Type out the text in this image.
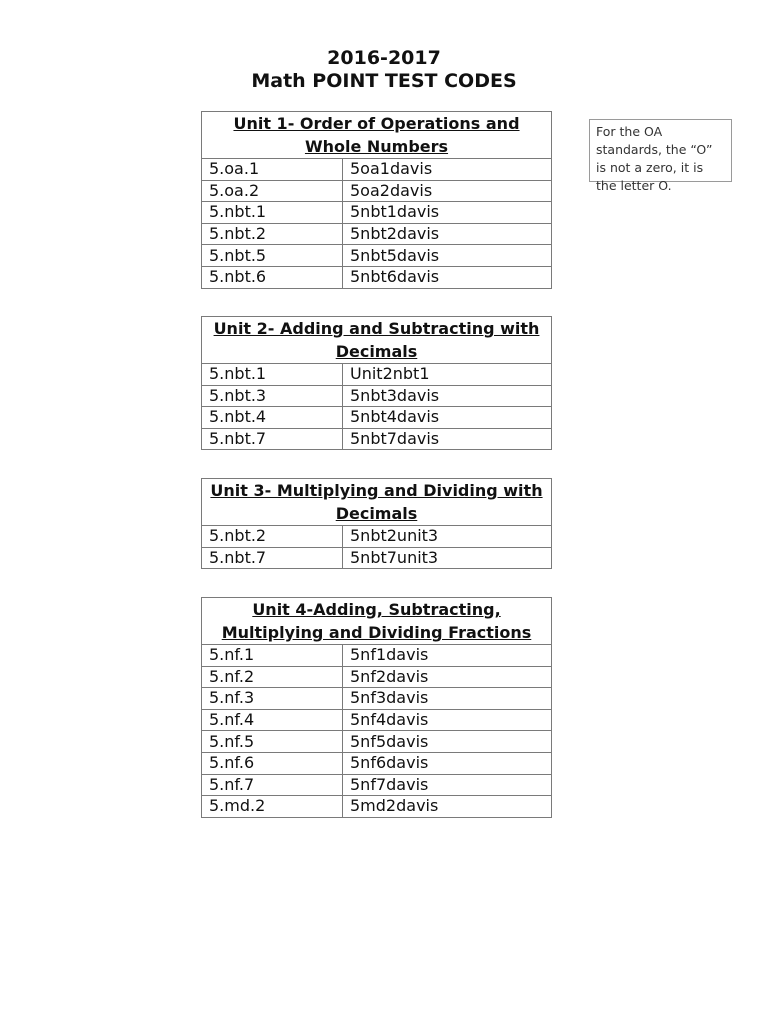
2016-2017
Math POINT TEST CODES
For the OA standards, the “O” is not a zero, it is the letter O.
Unit 1- Order of Operations and Whole Numbers	
5.oa.1	5oa1davis
5.oa.2	5oa2davis
5.nbt.1	5nbt1davis
5.nbt.2	5nbt2davis
5.nbt.5	5nbt5davis
5.nbt.6	5nbt6davis
Unit 2- Adding and Subtracting with Decimals	
5.nbt.1	Unit2nbt1
5.nbt.3	5nbt3davis
5.nbt.4	5nbt4davis
5.nbt.7	5nbt7davis
Unit 3- Multiplying and Dividing with Decimals	
5.nbt.2	5nbt2unit3
5.nbt.7	5nbt7unit3
Unit 4-Adding, Subtracting, Multiplying and Dividing Fractions	
5.nf.1	5nf1davis
5.nf.2	5nf2davis
5.nf.3	5nf3davis
5.nf.4	5nf4davis
5.nf.5	5nf5davis
5.nf.6	5nf6davis
5.nf.7	5nf7davis
5.md.2	5md2davis
